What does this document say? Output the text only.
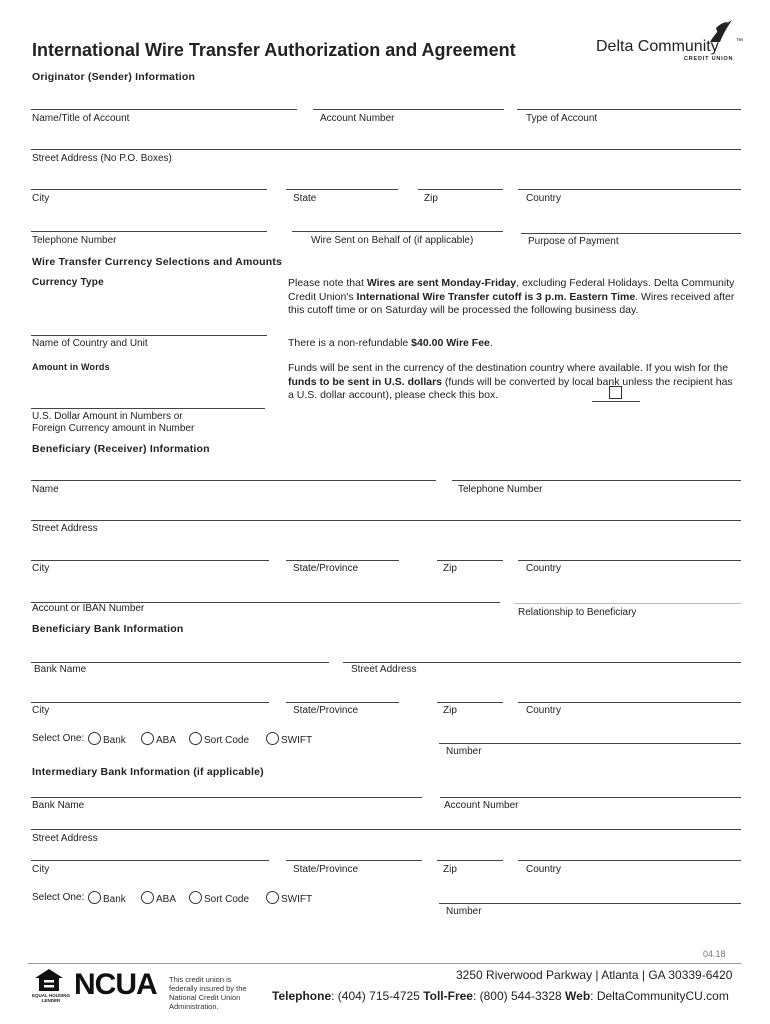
International Wire Transfer Authorization and Agreement	Delta Community ™
CREDIT UNION
Originator (Sender) Information
Name/Title of Account	Account Number	Type of Account
Street Address (No P.O. Boxes)
City	State	Zip	Country
Telephone Number	Wire Sent on Behalf of (if applicable)	Purpose of Payment
Wire Transfer Currency Selections and Amounts
Currency Type
Name of Country and Unit
Amount in Words
U.S. Dollar Amount in Numbers or
Foreign Currency amount in Number
Please note that Wires are sent Monday-Friday, excluding Federal Holidays. Delta Community Credit Union's International Wire Transfer cutoff is 3 p.m. Eastern Time. Wires received after this cutoff time or on Saturday will be processed the following business day.
There is a non-refundable $40.00 Wire Fee.
Funds will be sent in the currency of the destination country where available. If you wish for the funds to be sent in U.S. dollars (funds will be converted by local bank unless the recipient has a U.S. dollar account), please check this box.
Beneficiary (Receiver) Information
Name	Telephone Number
Street Address
City	State/Province	Zip	Country
Account or IBAN Number	Relationship to Beneficiary
Beneficiary Bank Information
Bank Name	Street Address
City	State/Province	Zip	Country
Select One:	Bank	ABA	Sort Code	SWIFT
Number
Intermediary Bank Information (if applicable)
Bank Name	Account Number
Street Address
City	State/Province	Zip	Country
Select One:	Bank	ABA	Sort Code	SWIFT
Number
04.18
EQUAL HOUSING LENDER NCUA This credit union is federally insured by the National Credit Union Administration.
3250 Riverwood Parkway | Atlanta | GA 30339-6420
Telephone: (404) 715-4725 Toll-Free: (800) 544-3328 Web: DeltaCommunityCU.com
